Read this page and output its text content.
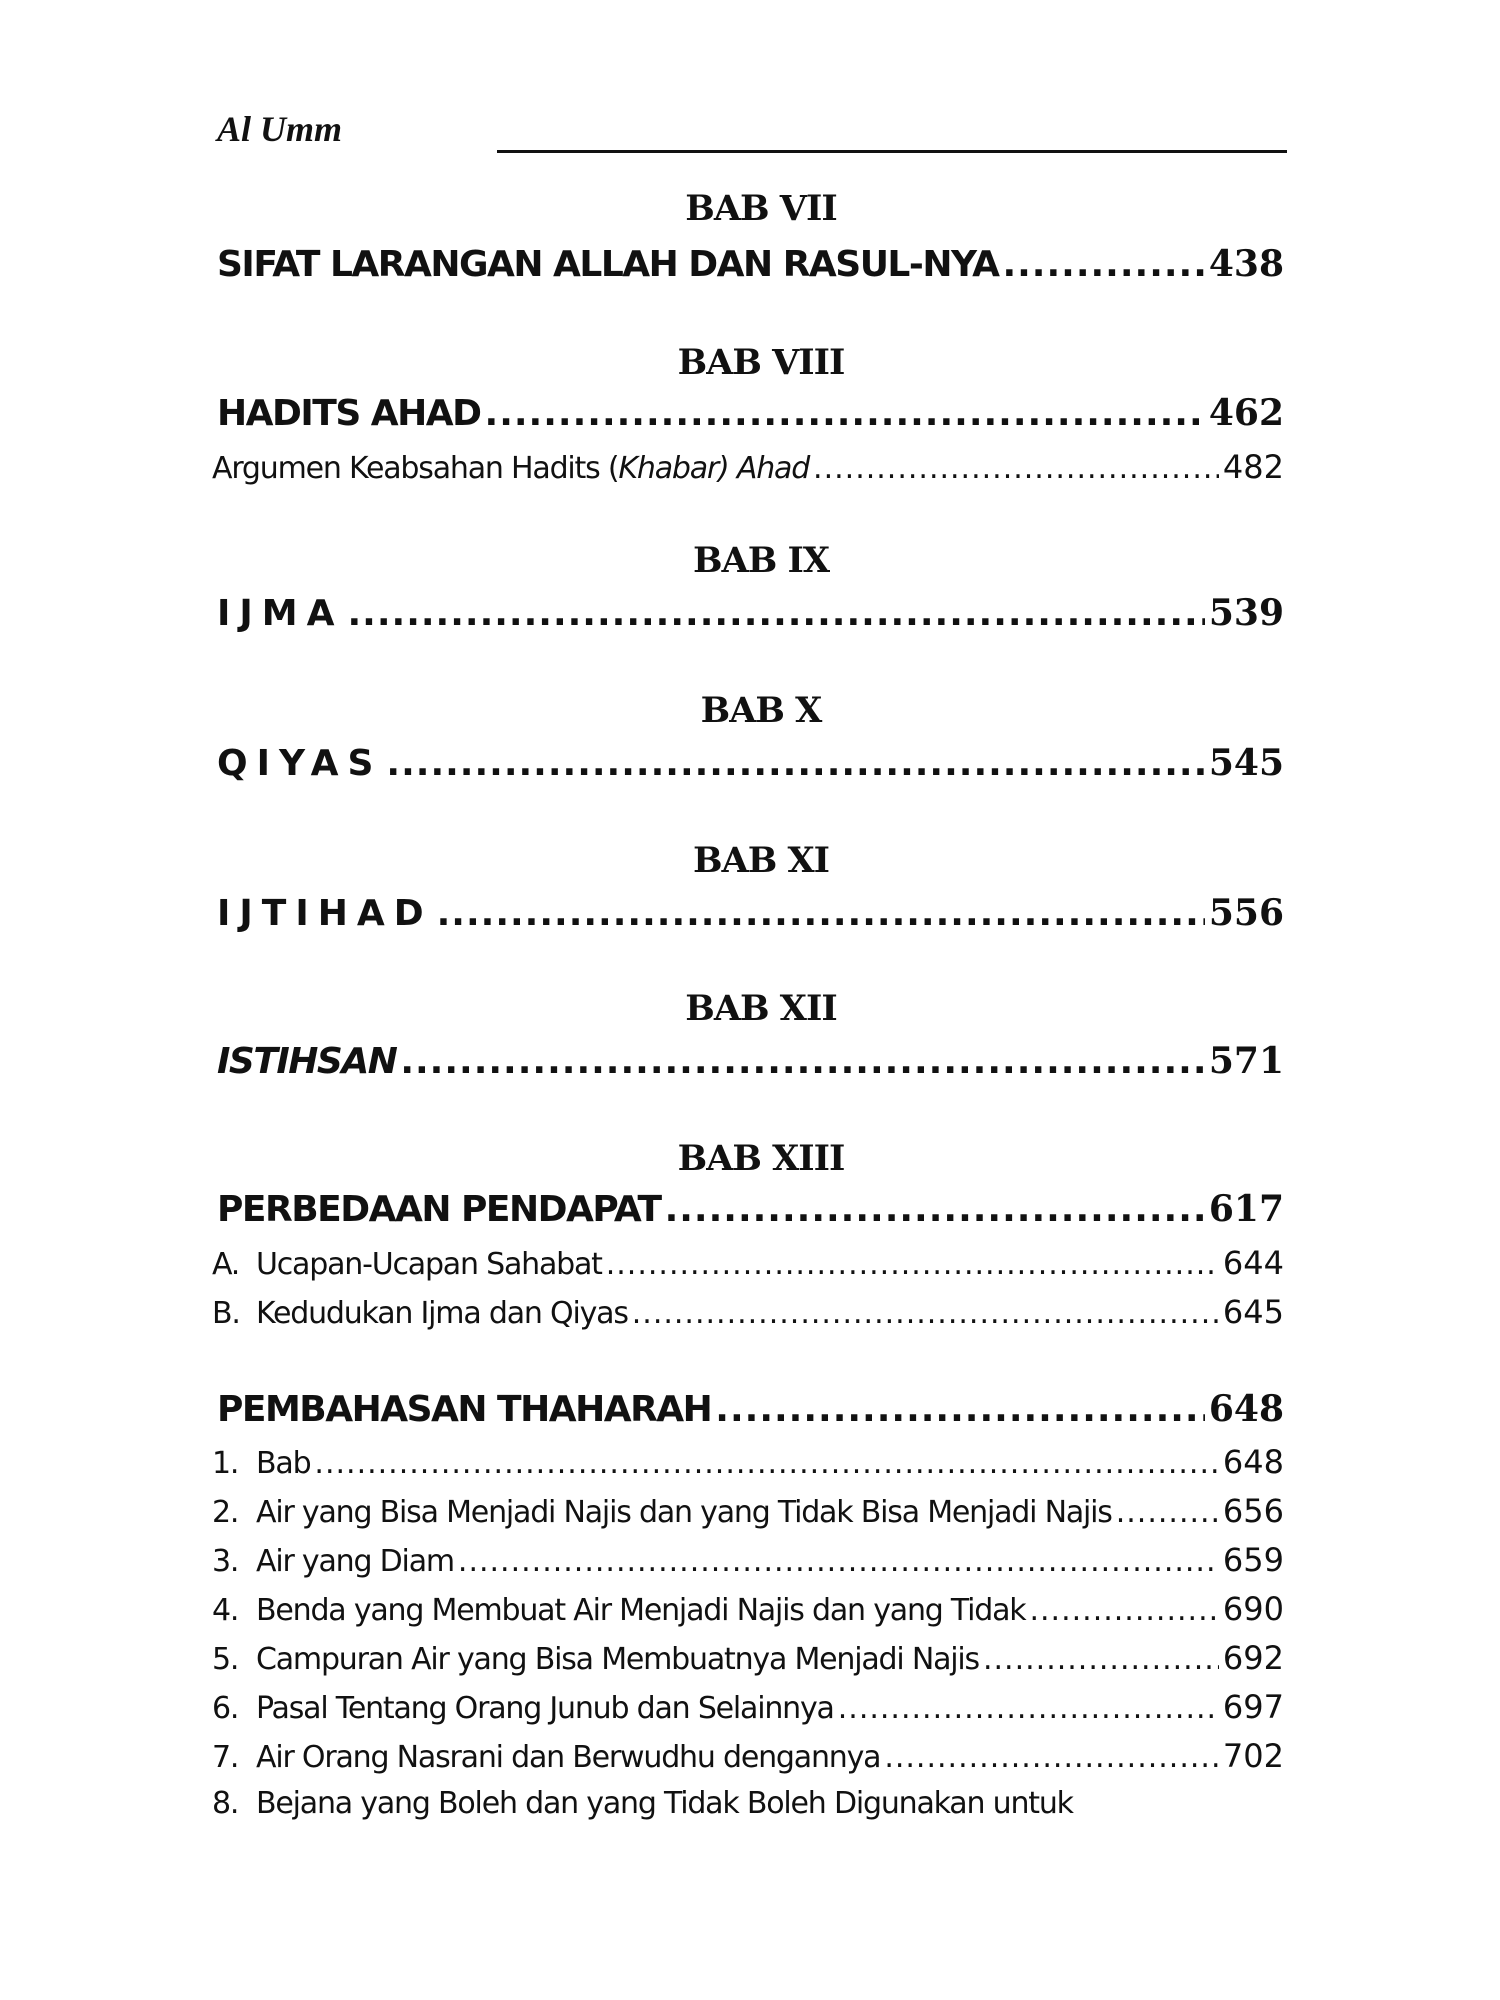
Al Umm
BAB VII
SIFAT LARANGAN ALLAH DAN RASUL-NYA .....	438
BAB VIII
HADITS AHAD .....	462
Argumen Keabsahan Hadits (Khabar) Ahad .....	482
BAB IX
IJMA .....	539
BAB X
QIYAS .....	545
BAB XI
IJTIHAD .....	556
BAB XII
ISTIHSAN .....	571
BAB XIII
PERBEDAAN PENDAPAT .....	617
A. Ucapan-Ucapan Sahabat .....	644
B. Kedudukan Ijma dan Qiyas .....	645
PEMBAHASAN THAHARAH .....	648
1. Bab .....	648
2. Air yang Bisa Menjadi Najis dan yang Tidak Bisa Menjadi Najis .....	656
3. Air yang Diam .....	659
4. Benda yang Membuat Air Menjadi Najis dan yang Tidak .....	690
5. Campuran Air yang Bisa Membuatnya Menjadi Najis .....	692
6. Pasal Tentang Orang Junub dan Selainnya .....	697
7. Air Orang Nasrani dan Berwudhu dengannya .....	702
8. Bejana yang Boleh dan yang Tidak Boleh Digunakan untuk
